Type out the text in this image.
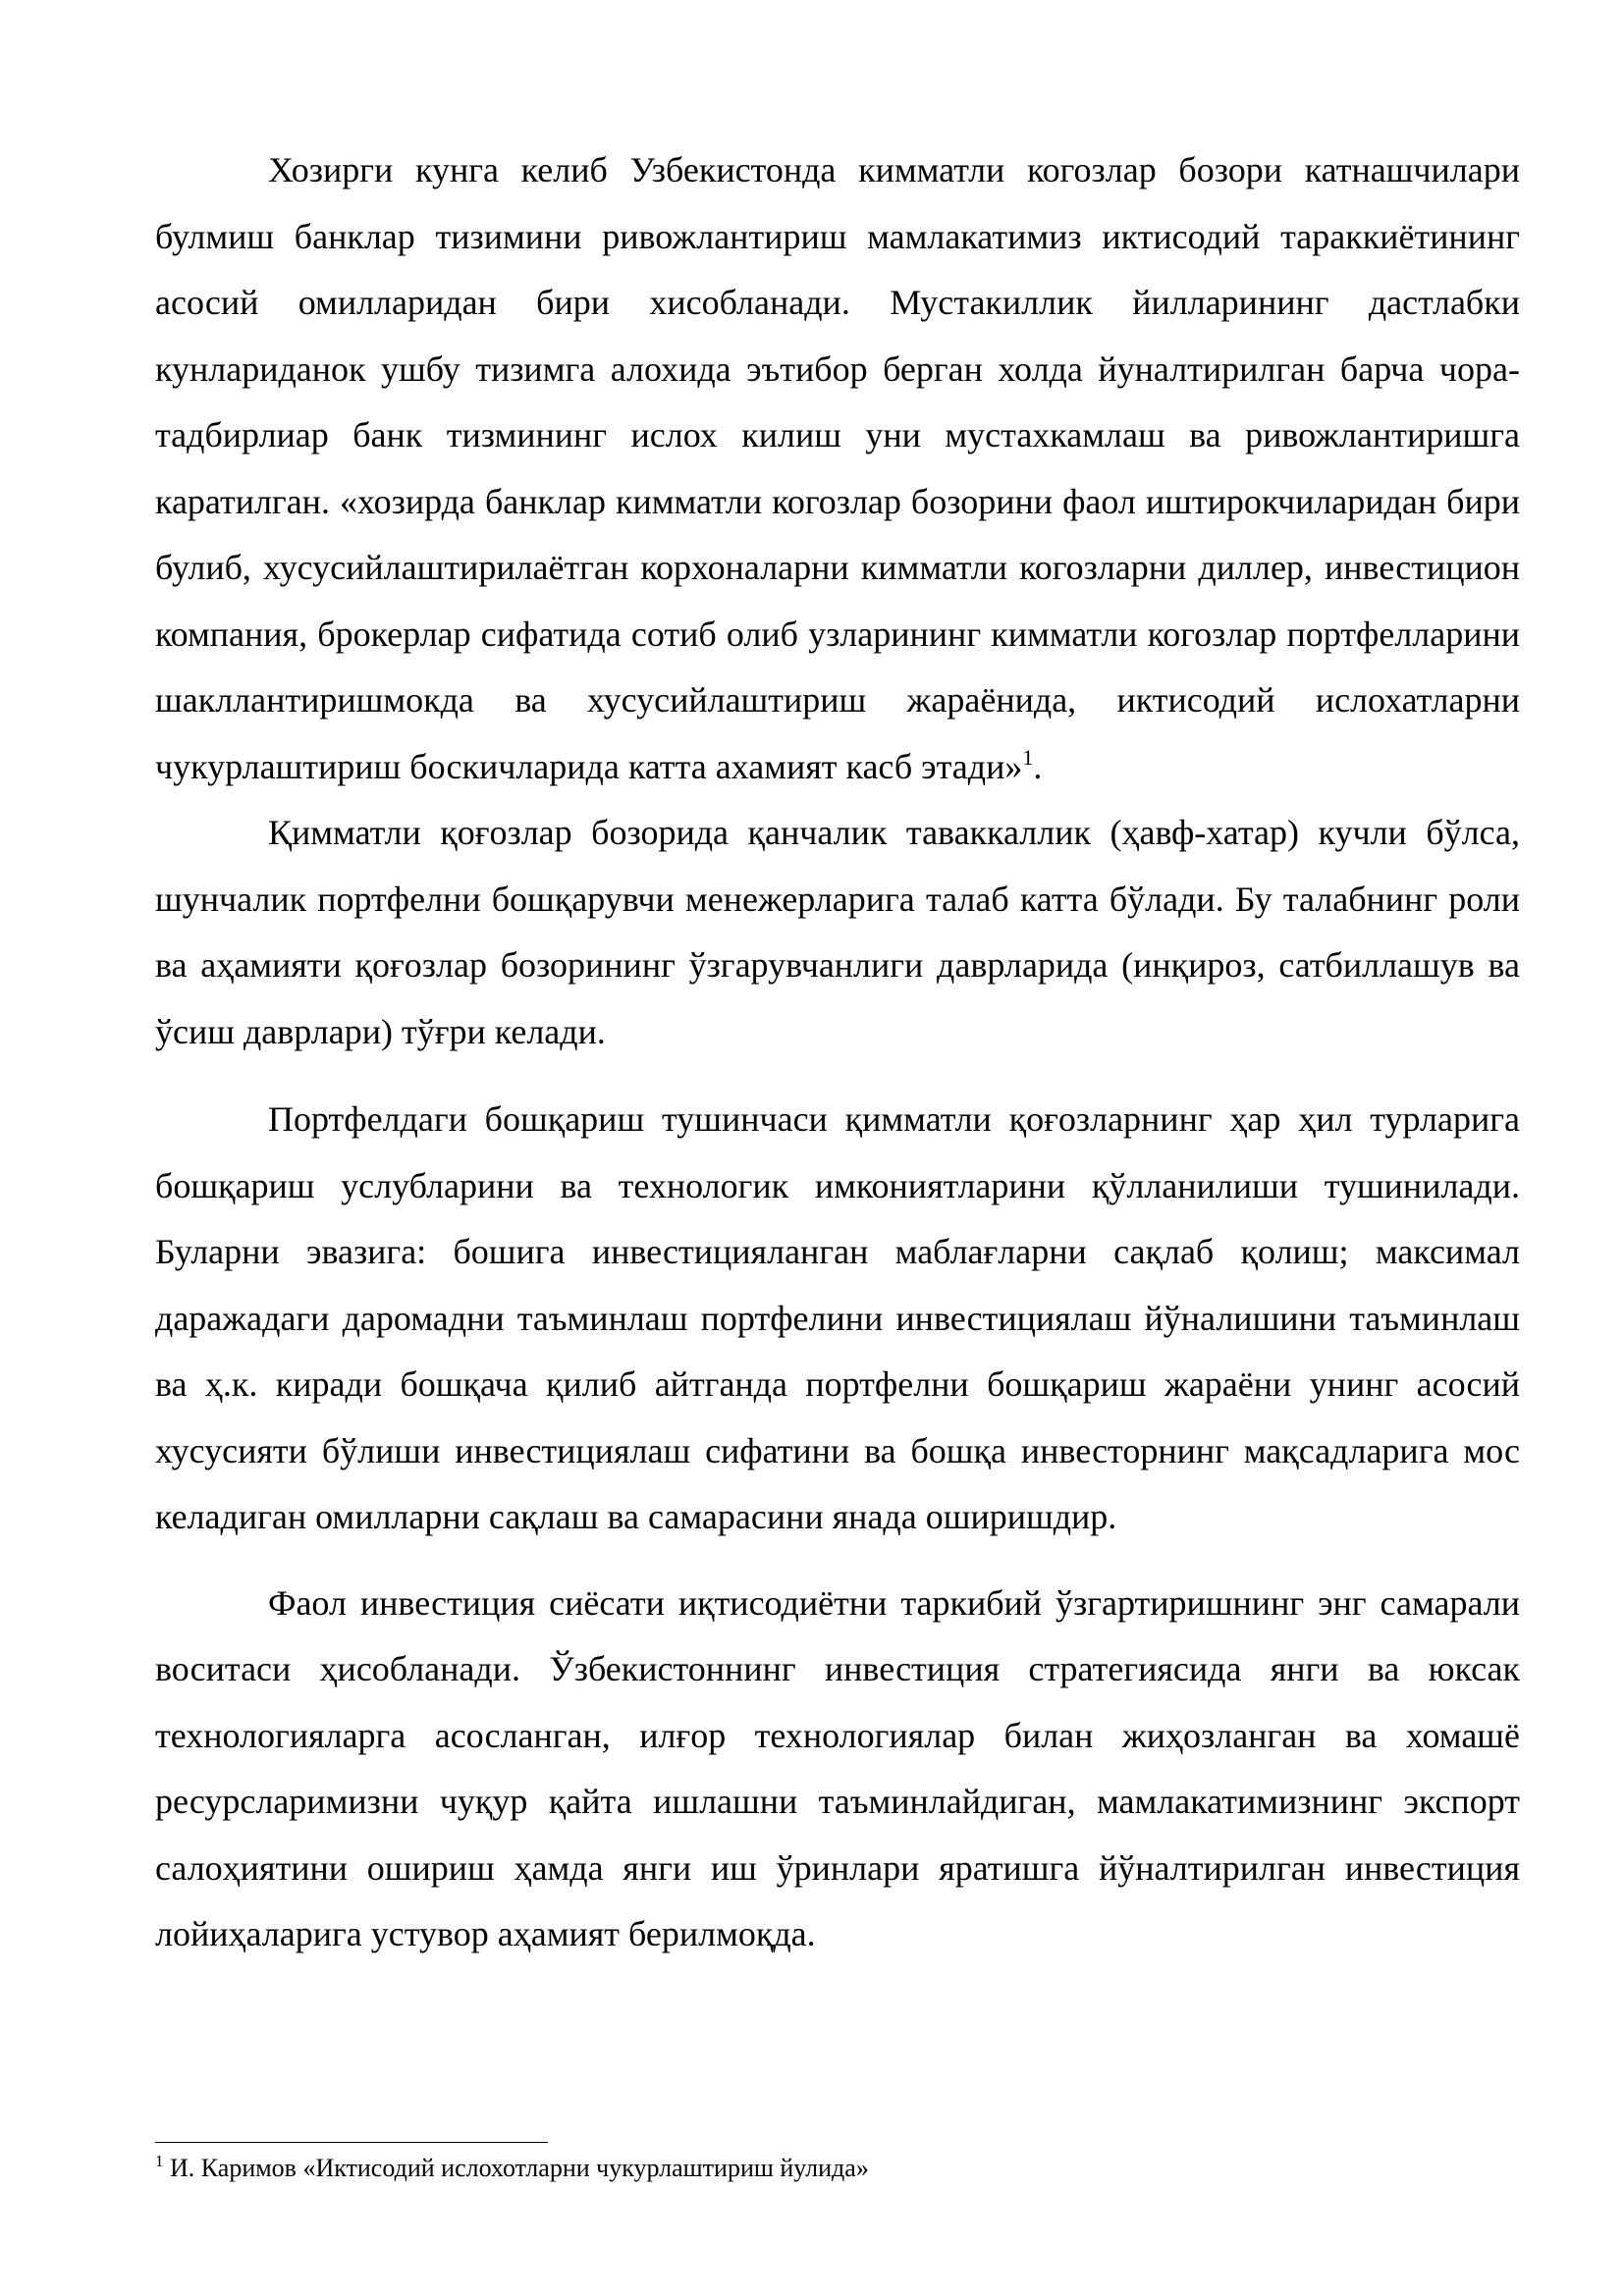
Хозирги кунга келиб Узбекистонда кимматли когозлар бозори катнашчилари булмиш банклар тизимини ривожлантириш мамлакатимиз иктисодий тараккиётининг асосий омилларидан бири хисобланади. Мустакиллик йилларининг дастлабки кунлариданок ушбу тизимга алохида эътибор берган холда йуналтирилган барча чора-тадбирлиар банк тизмининг ислох килиш уни мустахкамлаш ва ривожлантиришга каратилган. «хозирда банклар кимматли когозлар бозорини фаол иштирокчиларидан бири булиб, хусусийлаштирилаётган корхоналарни кимматли когозларни диллер, инвестицион компания, брокерлар сифатида сотиб олиб узларининг кимматли когозлар портфелларини шакллантиришмокда ва хусусийлаштириш жараёнида, иктисодий ислохатларни чукурлаштириш боскичларида катта ахамият касб этади»$^1$.

Қимматли қоғозлар бозорида қанчалик таваккаллик (ҳавф-хатар) кучли бўлса, шунчалик портфелни бошқарувчи менежерларига талаб катта бўлади. Бу талабнинг роли ва аҳамияти қоғозлар бозорининг ўзгарувчанлиги даврларида (инқироз, сатбиллашув ва ўсиш даврлари) тўғри келади.

Портфелдаги бошқариш тушинчаси қимматли қоғозларнинг ҳар ҳил турларига бошқариш услубларини ва технологик имкониятларини қўлланилиши тушинилади. Буларни эвазига: бошига инвестицияланган маблағларни сақлаб қолиш; максимал даражадаги даромадни таъминлаш портфелини инвестициялаш йўналишини таъминлаш ва ҳ.к. киради бошқача қилиб айтганда портфелни бошқариш жараёни унинг асосий хусусияти бўлиши инвестициялаш сифатини ва бошқа инвесторнинг мақсадларига мос келадиган омилларни сақлаш ва самарасини янада оширишдир.

Фаол инвестиция сиёсати иқтисодиётни таркибий ўзгартиришнинг энг самарали воситаси ҳисобланади. Ўзбекистоннинг инвестиция стратегиясида янги ва юксак технологияларга асосланган, илғор технологиялар билан жиҳозланган ва хомашё ресурсларимизни чуқур қайта ишлашни таъминлайдиган, мамлакатимизнинг экспорт салоҳиятини ошириш ҳамда янги иш ўринлари яратишга йўналтирилган инвестиция лойиҳаларига устувор аҳамият берилмоқда.

$^1$ И. Каримов «Иктисодий ислохотларни чукурлаштириш йулида»
